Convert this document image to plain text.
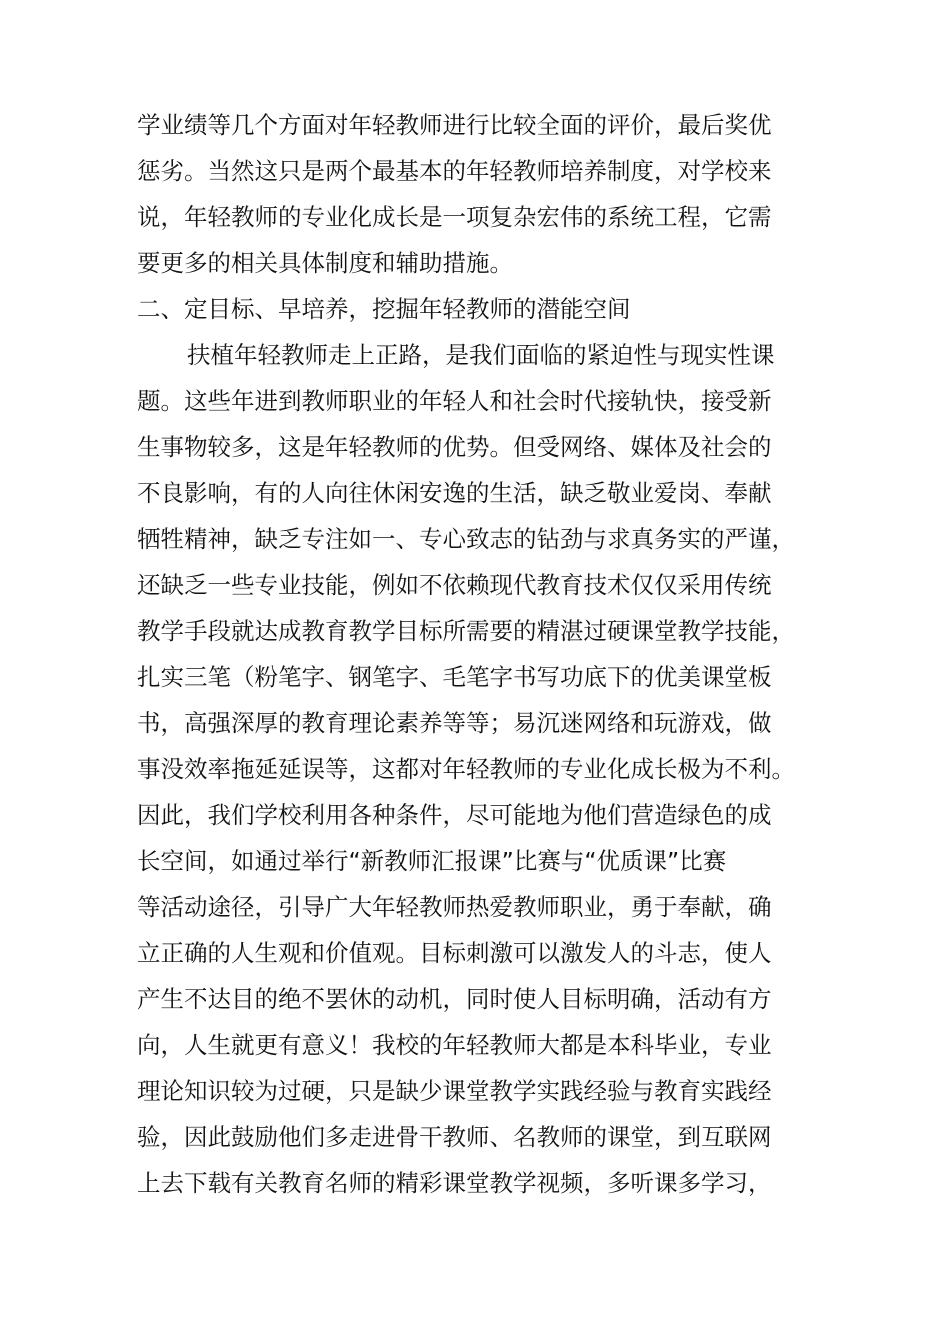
学业绩等几个方面对年轻教师进行比较全面的评价，最后奖优
惩劣。当然这只是两个最基本的年轻教师培养制度，对学校来
说，年轻教师的专业化成长是一项复杂宏伟的系统工程，它需
要更多的相关具体制度和辅助措施。
二、定目标、早培养，挖掘年轻教师的潜能空间
扶植年轻教师走上正路，是我们面临的紧迫性与现实性课
题。这些年进到教师职业的年轻人和社会时代接轨快，接受新
生事物较多，这是年轻教师的优势。但受网络、媒体及社会的
不良影响，有的人向往休闲安逸的生活，缺乏敬业爱岗、奉献
牺牲精神，缺乏专注如一、专心致志的钻劲与求真务实的严谨，
还缺乏一些专业技能，例如不依赖现代教育技术仅仅采用传统
教学手段就达成教育教学目标所需要的精湛过硬课堂教学技能，
扎实三笔（粉笔字、钢笔字、毛笔字书写功底下的优美课堂板
书，高强深厚的教育理论素养等等；易沉迷网络和玩游戏，做
事没效率拖延延误等，这都对年轻教师的专业化成长极为不利。
因此，我们学校利用各种条件，尽可能地为他们营造绿色的成
长空间，如通过举行“新教师汇报课”比赛与“优质课”比赛
等活动途径，引导广大年轻教师热爱教师职业，勇于奉献，确
立正确的人生观和价值观。目标刺激可以激发人的斗志，使人
产生不达目的绝不罢休的动机，同时使人目标明确，活动有方
向，人生就更有意义！我校的年轻教师大都是本科毕业，专业
理论知识较为过硬，只是缺少课堂教学实践经验与教育实践经
验，因此鼓励他们多走进骨干教师、名教师的课堂，到互联网
上去下载有关教育名师的精彩课堂教学视频，多听课多学习，
